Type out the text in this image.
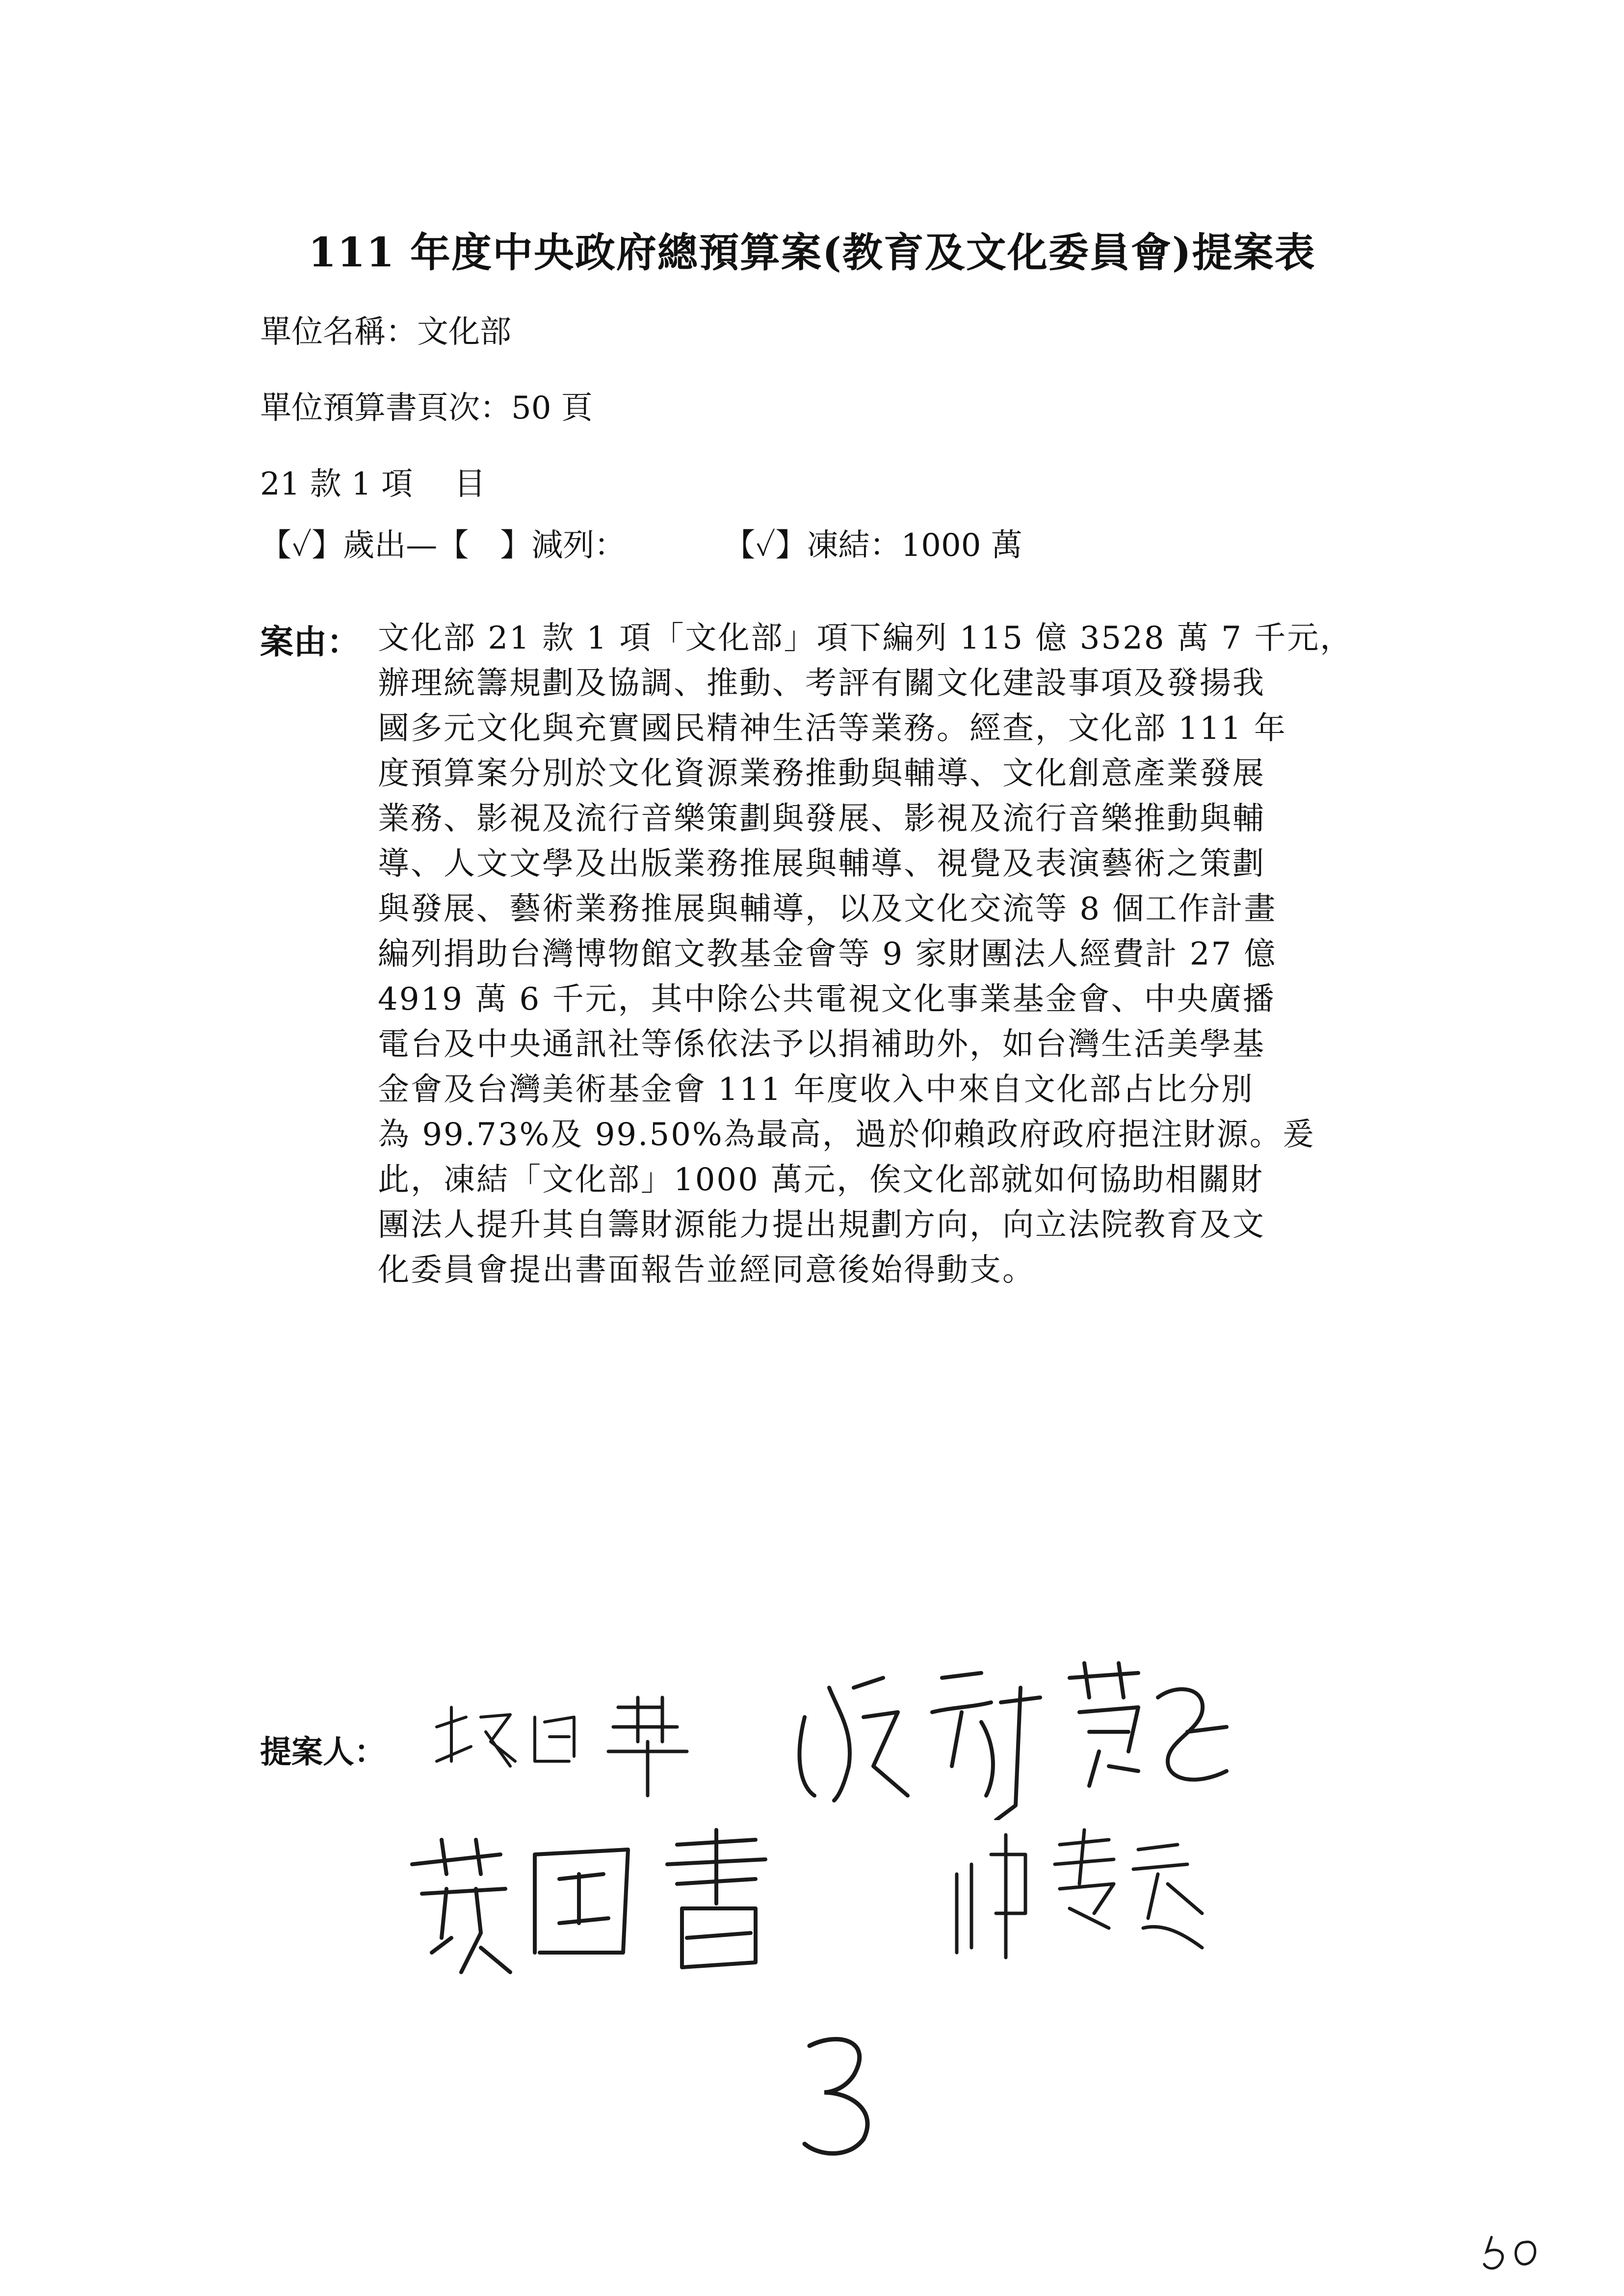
111 年度中央政府總預算案(教育及文化委員會)提案表
單位名稱：文化部
單位預算書頁次：50 頁
21 款 1 項　 目
【✓】歲出—【　】減列：	【✓】凍結：1000 萬
案由： 文化部 21 款 1 項「文化部」項下編列 115 億 3528 萬 7 千元，
辦理統籌規劃及協調、推動、考評有關文化建設事項及發揚我
國多元文化與充實國民精神生活等業務。經查，文化部 111 年
度預算案分別於文化資源業務推動與輔導、文化創意產業發展
業務、影視及流行音樂策劃與發展、影視及流行音樂推動與輔
導、人文文學及出版業務推展與輔導、視覺及表演藝術之策劃
與發展、藝術業務推展與輔導，以及文化交流等 8 個工作計畫
編列捐助台灣博物館文教基金會等 9 家財團法人經費計 27 億
4919 萬 6 千元，其中除公共電視文化事業基金會、中央廣播
電台及中央通訊社等係依法予以捐補助外，如台灣生活美學基
金會及台灣美術基金會 111 年度收入中來自文化部占比分別
為 99.73%及 99.50%為最高，過於仰賴政府政府挹注財源。爰
此，凍結「文化部」1000 萬元，俟文化部就如何協助相關財
團法人提升其自籌財源能力提出規劃方向，向立法院教育及文
化委員會提出書面報告並經同意後始得動支。
提案人：
